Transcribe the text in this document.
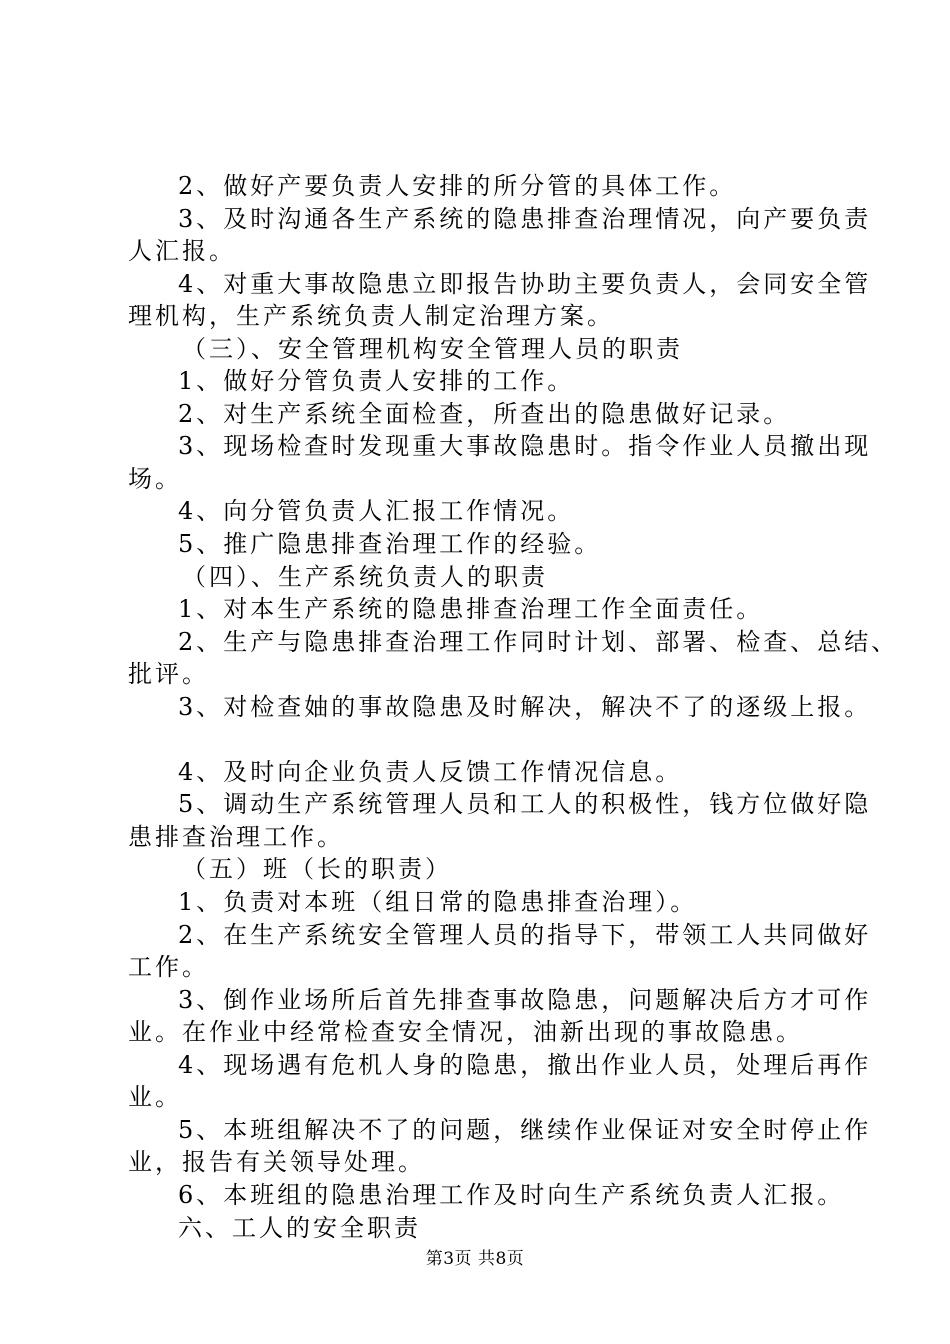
2、做好产要负责人安排的所分管的具体工作。
3、及时沟通各生产系统的隐患排查治理情况，向产要负责
人汇报。
4、对重大事故隐患立即报告协助主要负责人，会同安全管
理机构，生产系统负责人制定治理方案。
（三）、安全管理机构安全管理人员的职责
1、做好分管负责人安排的工作。
2、对生产系统全面检查，所查出的隐患做好记录。
3、现场检查时发现重大事故隐患时。指令作业人员撤出现
场。
4、向分管负责人汇报工作情况。
5、推广隐患排查治理工作的经验。
（四）、生产系统负责人的职责
1、对本生产系统的隐患排查治理工作全面责任。
2、生产与隐患排查治理工作同时计划、部署、检查、总结、
批评。
3、对检查妯的事故隐患及时解决，解决不了的逐级上报。
4、及时向企业负责人反馈工作情况信息。
5、调动生产系统管理人员和工人的积极性，钱方位做好隐
患排查治理工作。
（五）班（长的职责）
1、负责对本班（组日常的隐患排查治理）。
2、在生产系统安全管理人员的指导下，带领工人共同做好
工作。
3、倒作业场所后首先排查事故隐患，问题解决后方才可作
业。在作业中经常检查安全情况，油新出现的事故隐患。
4、现场遇有危机人身的隐患，撤出作业人员，处理后再作
业。
5、本班组解决不了的问题，继续作业保证对安全时停止作
业，报告有关领导处理。
6、本班组的隐患治理工作及时向生产系统负责人汇报。
六、工人的安全职责
第3页 共8页
